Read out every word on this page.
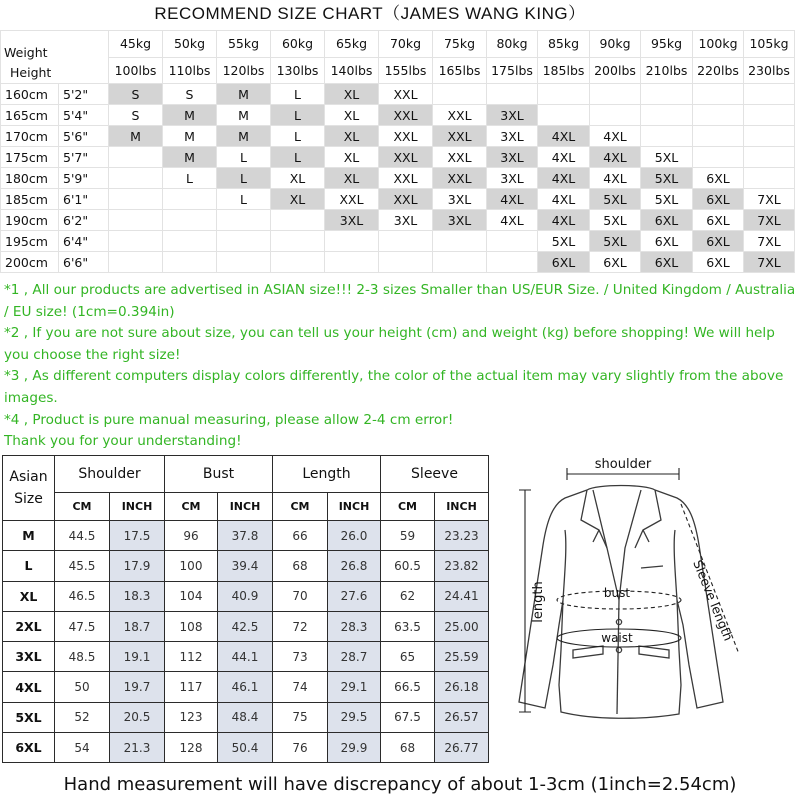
RECOMMEND SIZE CHART（JAMES WANG KING）
Weight
Height		45kg	50kg	55kg	60kg	65kg	70kg	75kg	80kg	85kg	90kg	95kg	100kg	105kg
		100lbs	110lbs	120lbs	130lbs	140lbs	155lbs	165lbs	175lbs	185lbs	200lbs	210lbs	220lbs	230lbs
160cm	5'2"	S	S	M	L	XL	XXL							
165cm	5'4"	S	M	M	L	XL	XXL	XXL	3XL					
170cm	5'6"	M	M	M	L	XL	XXL	XXL	3XL	4XL	4XL			
175cm	5'7"		M	L	L	XL	XXL	XXL	3XL	4XL	4XL	5XL		
180cm	5'9"		L	L	XL	XL	XXL	XXL	3XL	4XL	4XL	5XL	6XL	
185cm	6'1"			L	XL	XXL	XXL	3XL	4XL	4XL	5XL	5XL	6XL	7XL
190cm	6'2"					3XL	3XL	3XL	4XL	4XL	5XL	6XL	6XL	7XL
195cm	6'4"									5XL	5XL	6XL	6XL	7XL
200cm	6'6"									6XL	6XL	6XL	6XL	7XL

*1 , All our products are advertised in ASIAN size!!! 2-3 sizes Smaller than US/EUR Size. / United Kingdom / Australia / EU size! (1cm=0.394in)

*2 , If you are not sure about size, you can tell us your height (cm) and weight (kg) before shopping! We will help you choose the right size!

*3 , As different computers display colors differently, the color of the actual item may vary slightly from the above images.

*4 , Product is pure manual measuring, please allow 2-4 cm error!

Thank you for your understanding!

Asian
Size	Shoulder		Bust		Length		Sleeve	
	CM	INCH	CM	INCH	CM	INCH	CM	INCH
M	44.5	17.5	96	37.8	66	26.0	59	23.23
L	45.5	17.9	100	39.4	68	26.8	60.5	23.82
XL	46.5	18.3	104	40.9	70	27.6	62	24.41
2XL	47.5	18.7	108	42.5	72	28.3	63.5	25.00
3XL	48.5	19.1	112	44.1	73	28.7	65	25.59
4XL	50	19.7	117	46.1	74	29.1	66.5	26.18
5XL	52	20.5	123	48.4	75	29.5	67.5	26.57
6XL	54	21.3	128	50.4	76	29.9	68	26.77
shoulder
length	bust
waist	Sleeve length
Hand measurement will have discrepancy of about 1-3cm (1inch=2.54cm)
